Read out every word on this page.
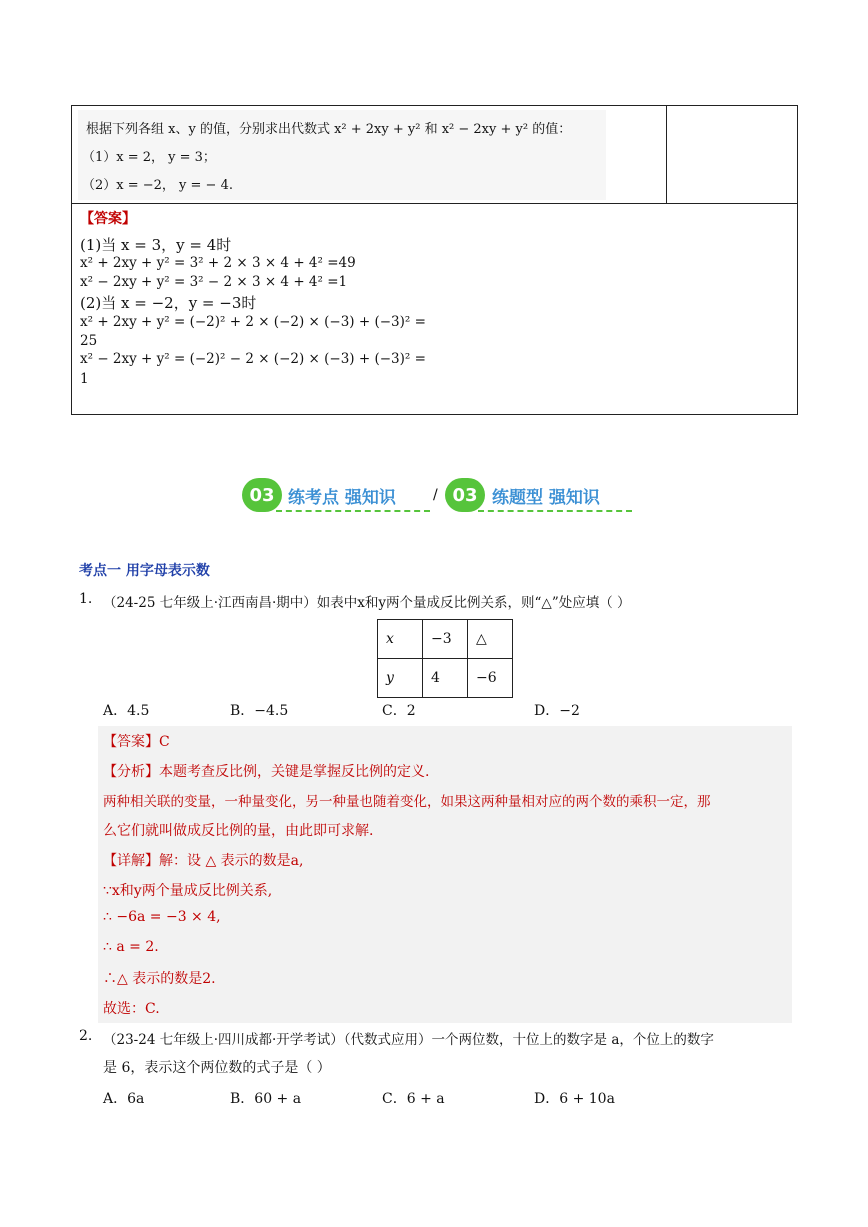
根据下列各组 x、y 的值，分别求出代数式 x² + 2xy + y² 和 x² − 2xy + y² 的值：
（1）x = 2， y = 3；
（2）x = −2， y = − 4.
【答案】
(1)当 x = 3，y = 4时
x² + 2xy + y² = 3² + 2 × 3 × 4 + 4² =49
x² − 2xy + y² = 3² − 2 × 3 × 4 + 4² =1
(2)当 x = −2，y = −3时
x² + 2xy + y² = (−2)² + 2 × (−2) × (−3) + (−3)² =
25
x² − 2xy + y² = (−2)² − 2 × (−2) × (−3) + (−3)² =
1
03 练考点 强知识	/ 03 练题型 强知识
考点一 用字母表示数
1. （24-25 七年级上·江西南昌·期中）如表中x和y两个量成反比例关系，则“△”处应填（ ）
x	−3	△
y	4	−6
A．4.5	B．−4.5	C．2	D．−2
【答案】C
【分析】本题考查反比例，关键是掌握反比例的定义.
两种相关联的变量，一种量变化，另一种量也随着变化，如果这两种量相对应的两个数的乘积一定，那
么它们就叫做成反比例的量，由此即可求解.
【详解】解：设 △ 表示的数是a,
∵x和y两个量成反比例关系,
∴ −6a = −3 × 4,
∴ a = 2.
∴△ 表示的数是2.
故选：C.
2. （23-24 七年级上·四川成都·开学考试）（代数式应用）一个两位数，十位上的数字是 a，个位上的数字
是 6，表示这个两位数的式子是（ ）
A．6a	B．60 + a	C．6 + a	D．6 + 10a
